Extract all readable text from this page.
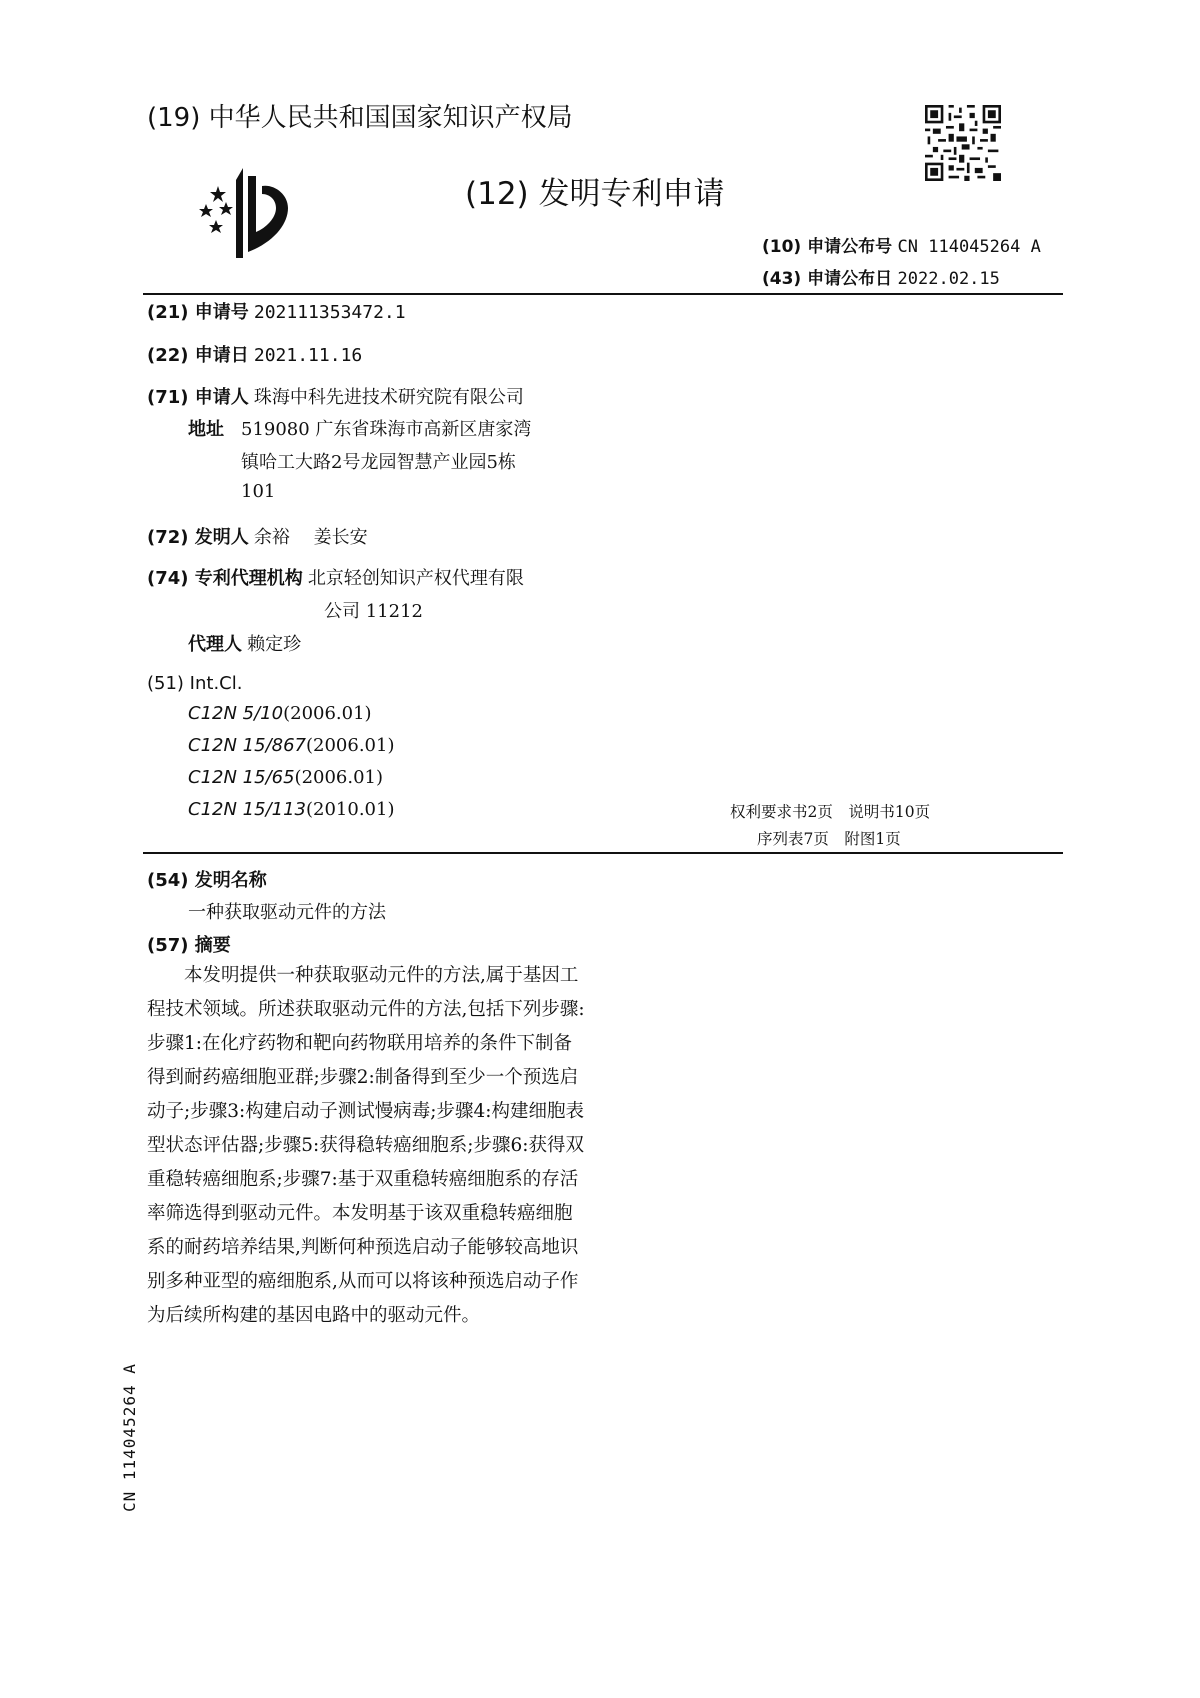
(19) 中华人民共和国国家知识产权局
(12) 发明专利申请
(10) 申请公布号 CN 114045264 A
(43) 申请公布日 2022.02.15
(21) 申请号 202111353472.1
(22) 申请日 2021.11.16
(71) 申请人 珠海中科先进技术研究院有限公司
地址 519080 广东省珠海市高新区唐家湾
镇哈工大路2号龙园智慧产业园5栋
101
(72) 发明人 余裕 姜长安
(74) 专利代理机构 北京轻创知识产权代理有限
公司 11212
代理人 赖定珍
(51) Int.Cl.
C12N 5/10(2006.01)
C12N 15/867(2006.01)
C12N 15/65(2006.01)
C12N 15/113(2010.01)	权利要求书2页　说明书10页
序列表7页　附图1页
(54) 发明名称
一种获取驱动元件的方法
(57) 摘要
本发明提供一种获取驱动元件的方法,属于基因工程技术领域。所述获取驱动元件的方法,包括下列步骤:步骤1:在化疗药物和靶向药物联用培养的条件下制备得到耐药癌细胞亚群;步骤2:制备得到至少一个预选启动子;步骤3:构建启动子测试慢病毒;步骤4:构建细胞表型状态评估器;步骤5:获得稳转癌细胞系;步骤6:获得双重稳转癌细胞系;步骤7:基于双重稳转癌细胞系的存活率筛选得到驱动元件。本发明基于该双重稳转癌细胞系的耐药培养结果,判断何种预选启动子能够较高地识别多种亚型的癌细胞系,从而可以将该种预选启动子作为后续所构建的基因电路中的驱动元件。
CN 114045264 A
